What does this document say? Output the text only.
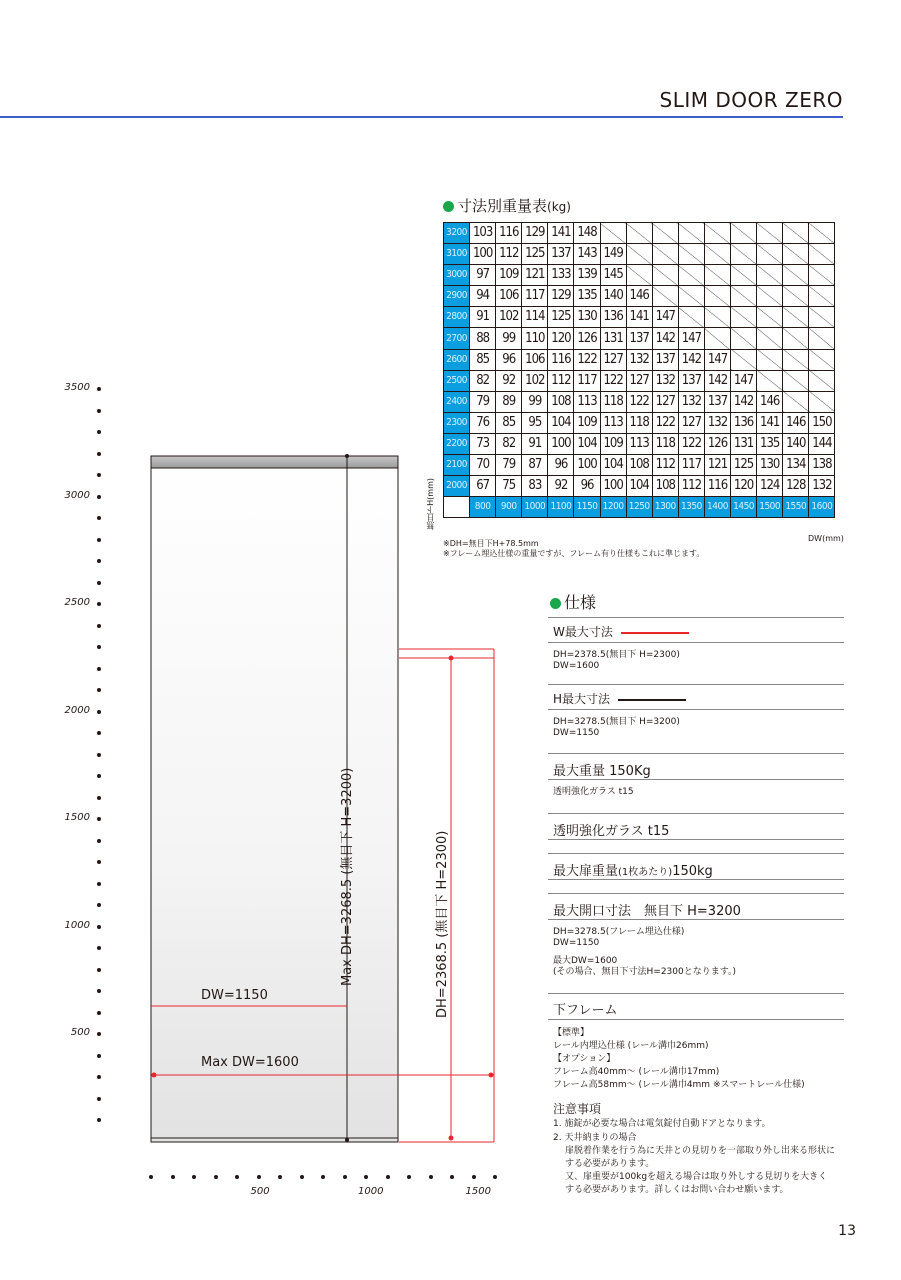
SLIM DOOR ZERO
寸法別重量表(kg)
3200	103	116	129	141	148									
3100	100	112	125	137	143	149								
3000	97	109	121	133	139	145								
2900	94	106	117	129	135	140	146							
2800	91	102	114	125	130	136	141	147						
2700	88	99	110	120	126	131	137	142	147					
2600	85	96	106	116	122	127	132	137	142	147				
2500	82	92	102	112	117	122	127	132	137	142	147			
2400	79	89	99	108	113	118	122	127	132	137	142	146		
2300	76	85	95	104	109	113	118	122	127	132	136	141	146	150
2200	73	82	91	100	104	109	113	118	122	126	131	135	140	144
2100	70	79	87	96	100	104	108	112	117	121	125	130	134	138
2000	67	75	83	92	96	100	104	108	112	116	120	124	128	132
	800	900	1000	1100	1150	1200	1250	1300	1350	1400	1450	1500	1550	1600
無目下H(mm)
DW(mm)
※DH=無目下H+78.5mm
※フレーム埋込仕様の重量ですが、フレーム有り仕様もこれに準じます。
仕様
W最大寸法
DH=2378.5(無目下 H=2300)
DW=1600
H最大寸法
DH=3278.5(無目下 H=3200)
DW=1150
最大重量 150Kg
透明強化ガラス t15
透明強化ガラス t15
最大扉重量(1枚あたり)150kg
最大開口寸法　無目下 H=3200
DH=3278.5(フレーム埋込仕様)
DW=1150
最大DW=1600
(その場合、無目下寸法H=2300となります。)
下フレーム
【標準】
レール内埋込仕様 (レール溝巾26mm)
【オプション】
フレーム高40mm～ (レール溝巾17mm)
フレーム高58mm～ (レール溝巾4mm ※スマートレール仕様)
注意事項
1. 施錠が必要な場合は電気錠付自動ドアとなります。
2. 天井納まりの場合
扉脱着作業を行う為に天井との見切りを一部取り外し出来る形状に
する必要があります。
又、扉重要が100kgを超える場合は取り外しする見切りを大きく
する必要があります。詳しくはお問い合わせ願います。
3500
3000
2500
2000
1500
1000
500
500	1000	1500
DW=1150
Max DW=1600
Max DH=3268.5 (無目下 H=3200)	DH=2368.5 (無目下 H=2300)
13
